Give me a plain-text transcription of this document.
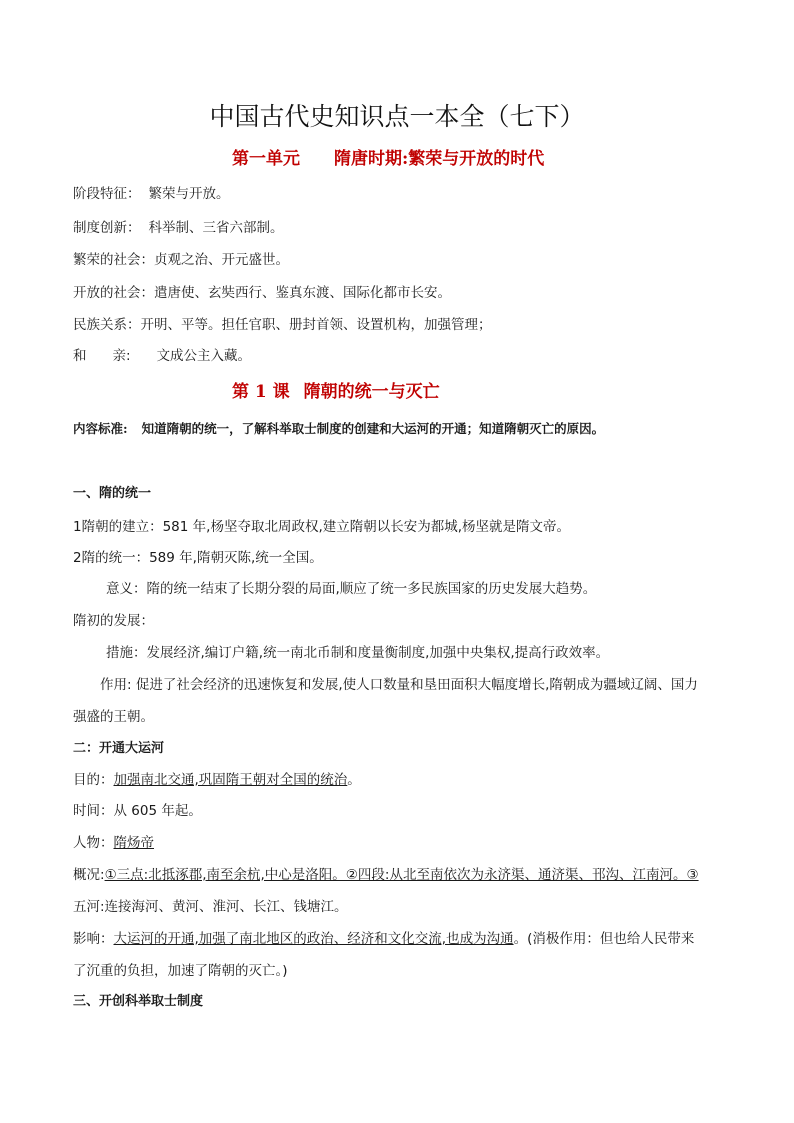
中国古代史知识点一本全（七下）
第一单元 隋唐时期:繁荣与开放的时代
阶段特征： 繁荣与开放。
制度创新： 科举制、三省六部制。
繁荣的社会：贞观之治、开元盛世。
开放的社会：遣唐使、玄奘西行、鉴真东渡、国际化都市长安。
民族关系：开明、平等。担任官职、册封首领、设置机构，加强管理；
和 亲: 文成公主入藏。
第 1 课 隋朝的统一与灭亡
内容标准: 知道隋朝的统一，了解科举取士制度的创建和大运河的开通；知道隋朝灭亡的原因。
一、隋的统一
1隋朝的建立：581 年,杨坚夺取北周政权,建立隋朝以长安为都城,杨坚就是隋文帝。
2隋的统一：589 年,隋朝灭陈,统一全国。
意义：隋的统一结束了长期分裂的局面,顺应了统一多民族国家的历史发展大趋势。
隋初的发展：
措施：发展经济,编订户籍,统一南北币制和度量衡制度,加强中央集权,提高行政效率。
作用: 促进了社会经济的迅速恢复和发展,使人口数量和垦田面积大幅度增长,隋朝成为疆域辽阔、国力
强盛的王朝。
二：开通大运河
目的：加强南北交通,巩固隋王朝对全国的统治。
时间：从 605 年起。
人物：隋炀帝
概况:①三点:北抵涿郡,南至余杭,中心是洛阳。②四段:从北至南依次为永济渠、通济渠、邗沟、江南河。③
五河:连接海河、黄河、淮河、长江、钱塘江。
影响：大运河的开通,加强了南北地区的政治、经济和文化交流,也成为沟通。(消极作用：但也给人民带来
了沉重的负担，加速了隋朝的灭亡。)
三、开创科举取士制度
